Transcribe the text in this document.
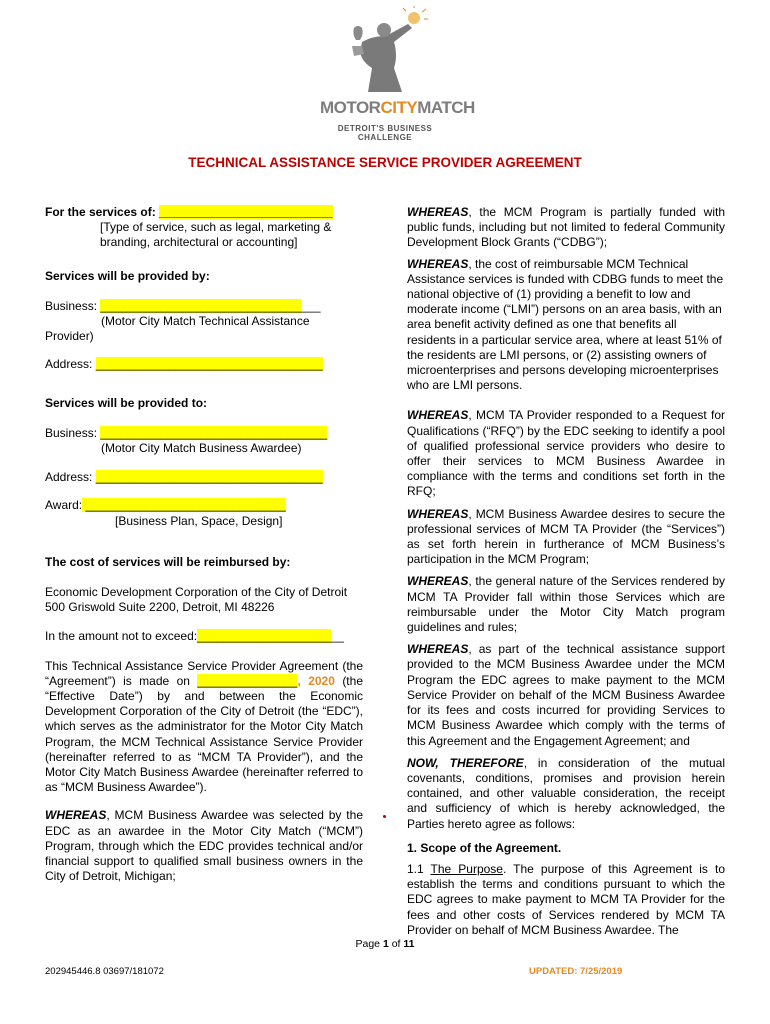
MOTORCITYMATCH
DETROIT'S BUSINESS CHALLENGE
TECHNICAL ASSISTANCE SERVICE PROVIDER AGREEMENT

For the services of: __________________________

[Type of service, such as legal, marketing & branding, architectural or accounting]

Services will be provided by:

Business: _________________________________

(Motor City Match Technical Assistance

Provider)

Address: __________________________________

Services will be provided to:

Business: __________________________________

(Motor City Match Business Awardee)

Address: __________________________________

Award: ______________________________

[Business Plan, Space, Design]

The cost of services will be reimbursed by:

Economic Development Corporation of the City of Detroit

500 Griswold Suite 2200, Detroit, MI 48226

In the amount not to exceed:______________________

This Technical Assistance Service Provider Agreement (the “Agreement”) is made on _______________, 2020 (the “Effective Date”) by and between the Economic Development Corporation of the City of Detroit (the “EDC”), which serves as the administrator for the Motor City Match Program, the MCM Technical Assistance Service Provider (hereinafter referred to as “MCM TA Provider”), and the Motor City Match Business Awardee (hereinafter referred to as “MCM Business Awardee”).

WHEREAS, MCM Business Awardee was selected by the EDC as an awardee in the Motor City Match (“MCM”) Program, through which the EDC provides technical and/or financial support to qualified small business owners in the City of Detroit, Michigan;

WHEREAS, the MCM Program is partially funded with public funds, including but not limited to federal Community Development Block Grants (“CDBG”);

WHEREAS, the cost of reimbursable MCM Technical Assistance services is funded with CDBG funds to meet the national objective of (1) providing a benefit to low and moderate income (“LMI”) persons on an area basis, with an area benefit activity defined as one that benefits all residents in a particular service area, where at least 51% of the residents are LMI persons, or (2) assisting owners of microenterprises and persons developing microenterprises who are LMI persons.

WHEREAS, MCM TA Provider responded to a Request for Qualifications (“RFQ”) by the EDC seeking to identify a pool of qualified professional service providers who desire to offer their services to MCM Business Awardee in compliance with the terms and conditions set forth in the RFQ;

WHEREAS, MCM Business Awardee desires to secure the professional services of MCM TA Provider (the “Services”) as set forth herein in furtherance of MCM Business’s participation in the MCM Program;

WHEREAS, the general nature of the Services rendered by MCM TA Provider fall within those Services which are reimbursable under the Motor City Match program guidelines and rules;

WHEREAS, as part of the technical assistance support provided to the MCM Business Awardee under the MCM Program the EDC agrees to make payment to the MCM Service Provider on behalf of the MCM Business Awardee for its fees and costs incurred for providing Services to MCM Business Awardee which comply with the terms of this Agreement and the Engagement Agreement; and

NOW, THEREFORE, in consideration of the mutual covenants, conditions, promises and provision herein contained, and other valuable consideration, the receipt and sufficiency of which is hereby acknowledged, the Parties hereto agree as follows:

1. Scope of the Agreement.

1.1 The Purpose. The purpose of this Agreement is to establish the terms and conditions pursuant to which the EDC agrees to make payment to MCM TA Provider for the fees and other costs of Services rendered by MCM TA Provider on behalf of MCM Business Awardee. The

Page 1 of 11
202945446.8 03697/181072	UPDATED: 7/25/2019
